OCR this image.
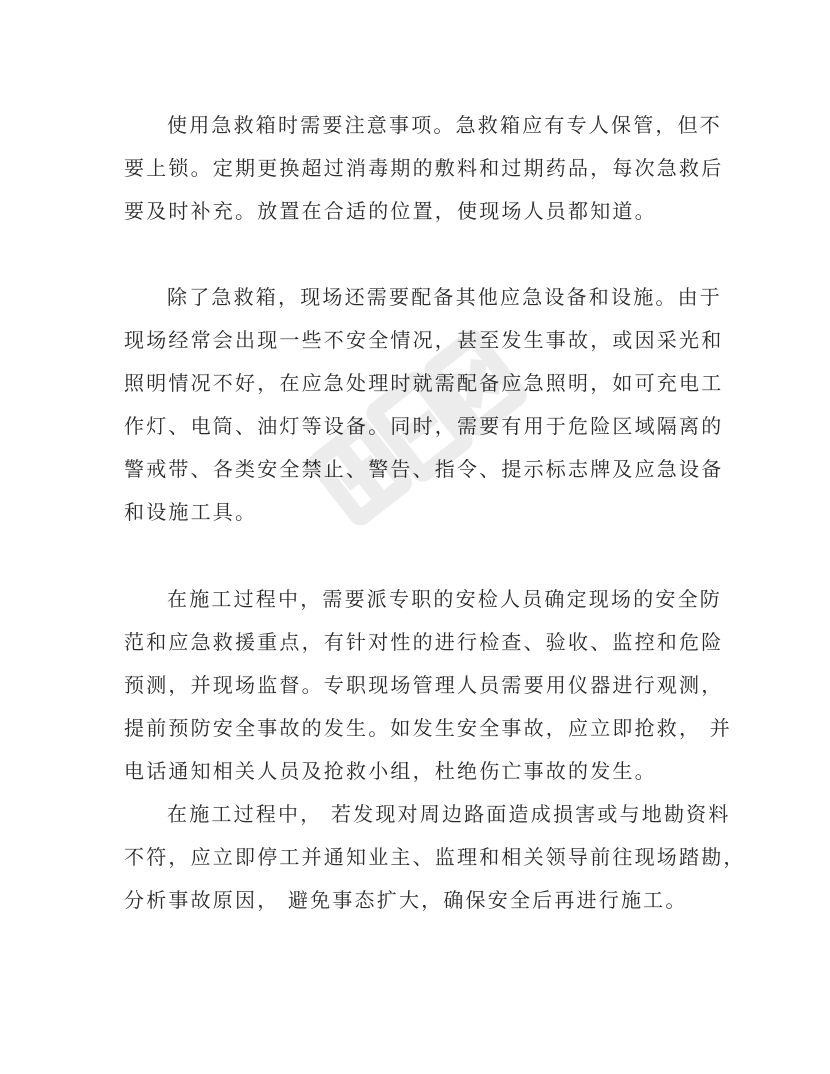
使用急救箱时需要注意事项。急救箱应有专人保管，但不

要上锁。定期更换超过消毒期的敷料和过期药品，每次急救后

要及时补充。放置在合适的位置，使现场人员都知道。

除了急救箱，现场还需要配备其他应急设备和设施。由于

现场经常会出现一些不安全情况，甚至发生事故，或因采光和

照明情况不好，在应急处理时就需配备应急照明，如可充电工

作灯、电筒、油灯等设备。同时，需要有用于危险区域隔离的

警戒带、各类安全禁止、警告、指令、提示标志牌及应急设备

和设施工具。

在施工过程中，需要派专职的安检人员确定现场的安全防

范和应急救援重点，有针对性的进行检查、验收、监控和危险

预测，并现场监督。专职现场管理人员需要用仪器进行观测，

提前预防安全事故的发生。如发生安全事故，应立即抢救， 并

电话通知相关人员及抢救小组，杜绝伤亡事故的发生。

在施工过程中， 若发现对周边路面造成损害或与地勘资料

不符，应立即停工并通知业主、监理和相关领导前往现场踏勘，

分析事故原因， 避免事态扩大，确保安全后再进行施工。
